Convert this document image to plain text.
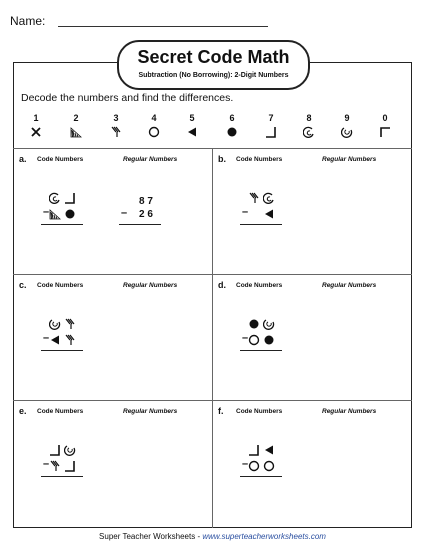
Name:
Secret Code Math
Subtraction (No Borrowing): 2-Digit Numbers
Decode the numbers and find the differences.
1	2	3	4	5	6	7	8	9	0
a. Code Numbers	Regular Numbers
–
8 7
2 6
–
b. Code Numbers	Regular Numbers
–
c. Code Numbers	Regular Numbers
–
d. Code Numbers	Regular Numbers
–
e. Code Numbers	Regular Numbers
–
f. Code Numbers	Regular Numbers
–
Super Teacher Worksheets - www.superteacherworksheets.com
